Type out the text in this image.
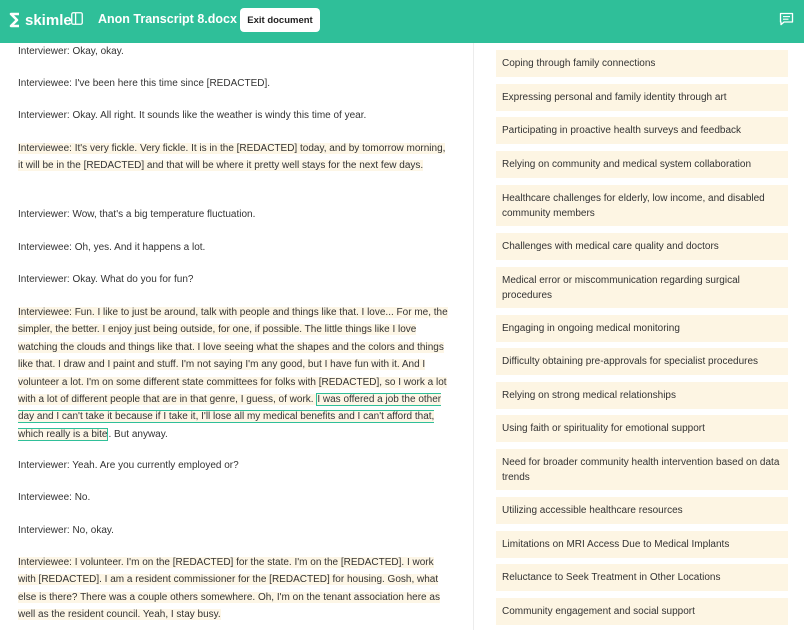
skimle Anon Transcript 8.docx	Exit document

Interviewer: Okay, okay.

Interviewee: I've been here this time since [REDACTED].

Interviewer: Okay. All right. It sounds like the weather is windy this time of year.

Interviewee: It's very fickle. Very fickle. It is in the [REDACTED] today, and by tomorrow morning, it will be in the [REDACTED] and that will be where it pretty well stays for the next few days.

Interviewer: Wow, that's a big temperature fluctuation.

Interviewee: Oh, yes. And it happens a lot.

Interviewer: Okay. What do you for fun?

Interviewee: Fun. I like to just be around, talk with people and things like that. I love... For me, the simpler, the better. I enjoy just being outside, for one, if possible. The little things like I love watching the clouds and things like that. I love seeing what the shapes and the colors and things like that. I draw and I paint and stuff. I'm not saying I'm any good, but I have fun with it. And I volunteer a lot. I'm on some different state committees for folks with [REDACTED], so I work a lot with a lot of different people that are in that genre, I guess, of work. I was offered a job the other day and I can't take it because if I take it, I'll lose all my medical benefits and I can't afford that, which really is a bite. But anyway.

Interviewer: Yeah. Are you currently employed or?

Interviewee: No.

Interviewer: No, okay.

Interviewee: I volunteer. I'm on the [REDACTED] for the state. I'm on the [REDACTED]. I work with [REDACTED]. I am a resident commissioner for the [REDACTED] for housing. Gosh, what else is there? There was a couple others somewhere. Oh, I'm on the tenant association here as well as the resident council. Yeah, I stay busy.

Coping through family connections
Expressing personal and family identity through art
Participating in proactive health surveys and feedback
Relying on community and medical system collaboration
Healthcare challenges for elderly, low income, and disabled community members
Challenges with medical care quality and doctors
Medical error or miscommunication regarding surgical procedures
Engaging in ongoing medical monitoring
Difficulty obtaining pre-approvals for specialist procedures
Relying on strong medical relationships
Using faith or spirituality for emotional support
Need for broader community health intervention based on data trends
Utilizing accessible healthcare resources
Limitations on MRI Access Due to Medical Implants
Reluctance to Seek Treatment in Other Locations
Community engagement and social support
